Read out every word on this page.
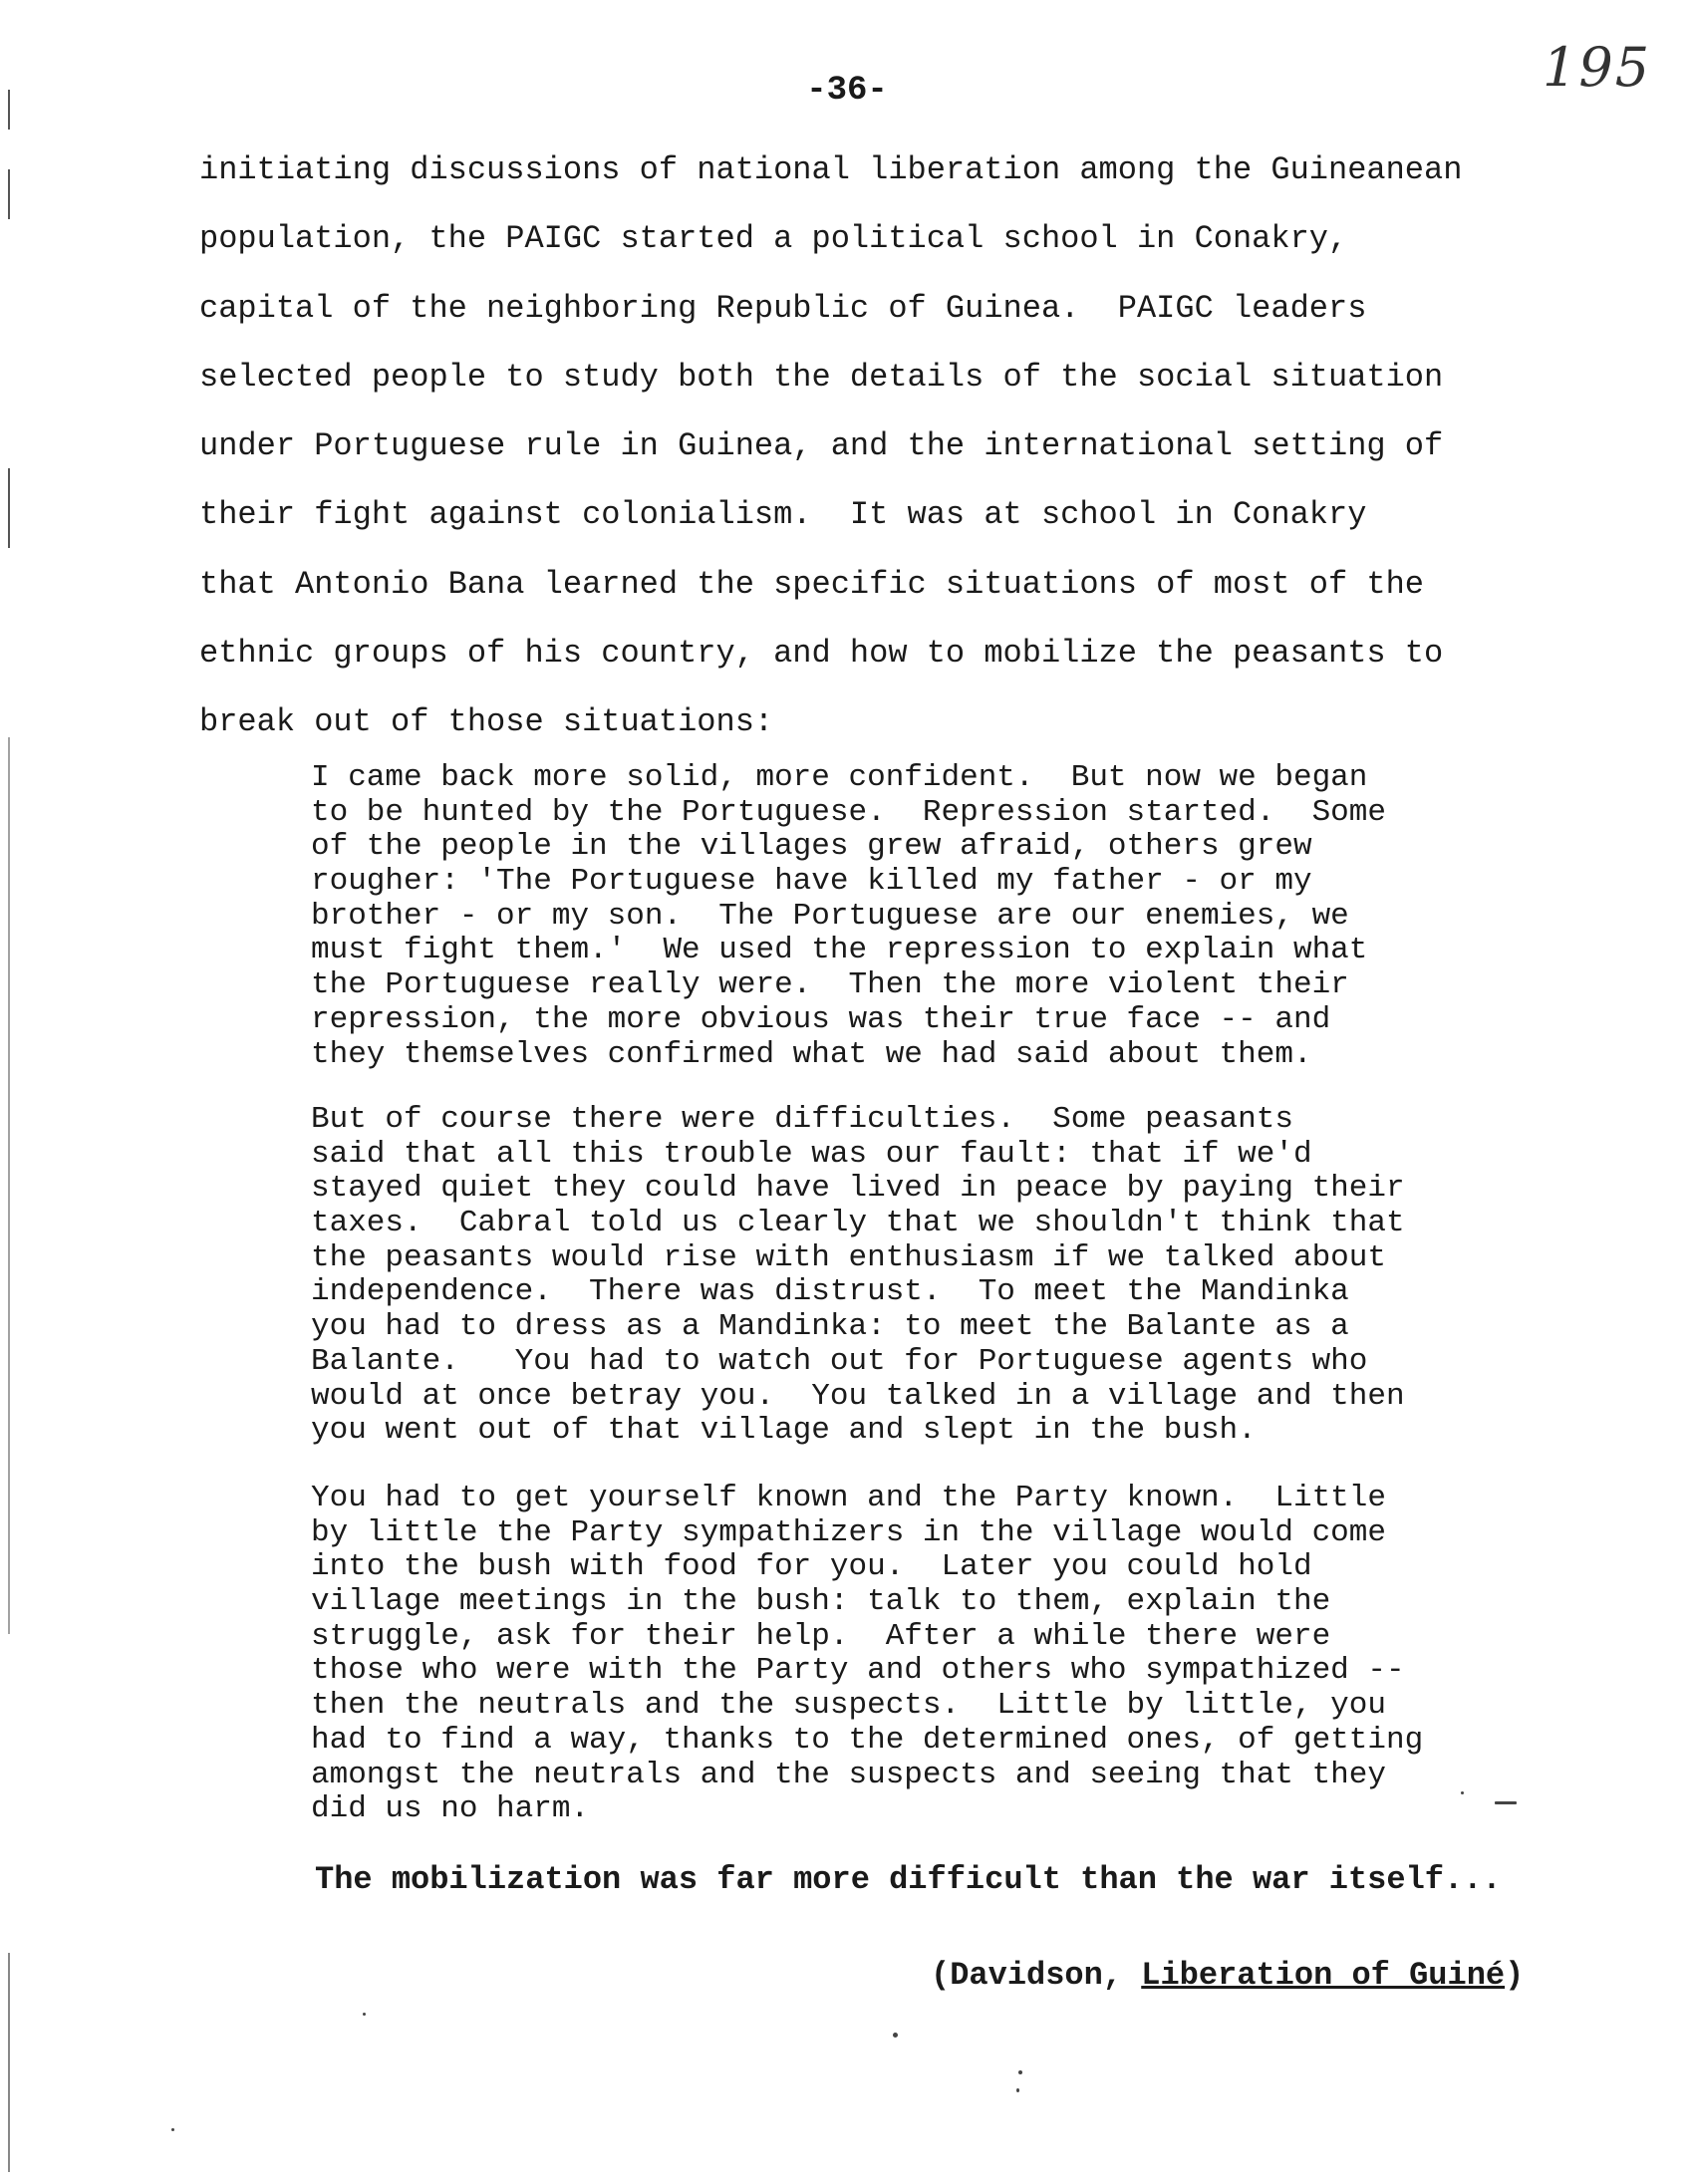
195
-36-
initiating discussions of national liberation among the Guineanean
population, the PAIGC started a political school in Conakry,
capital of the neighboring Republic of Guinea.  PAIGC leaders
selected people to study both the details of the social situation
under Portuguese rule in Guinea, and the international setting of
their fight against colonialism.  It was at school in Conakry
that Antonio Bana learned the specific situations of most of the
ethnic groups of his country, and how to mobilize the peasants to
break out of those situations:
I came back more solid, more confident.  But now we began
to be hunted by the Portuguese.  Repression started.  Some
of the people in the villages grew afraid, others grew
rougher: 'The Portuguese have killed my father - or my
brother - or my son.  The Portuguese are our enemies, we
must fight them.'  We used the repression to explain what
the Portuguese really were.  Then the more violent their
repression, the more obvious was their true face -- and
they themselves confirmed what we had said about them.
But of course there were difficulties.  Some peasants
said that all this trouble was our fault: that if we'd
stayed quiet they could have lived in peace by paying their
taxes.  Cabral told us clearly that we shouldn't think that
the peasants would rise with enthusiasm if we talked about
independence.  There was distrust.  To meet the Mandinka
you had to dress as a Mandinka: to meet the Balante as a
Balante.   You had to watch out for Portuguese agents who
would at once betray you.  You talked in a village and then
you went out of that village and slept in the bush.
You had to get yourself known and the Party known.  Little
by little the Party sympathizers in the village would come
into the bush with food for you.  Later you could hold
village meetings in the bush: talk to them, explain the
struggle, ask for their help.  After a while there were
those who were with the Party and others who sympathized --
then the neutrals and the suspects.  Little by little, you
had to find a way, thanks to the determined ones, of getting
amongst the neutrals and the suspects and seeing that they
did us no harm.
The mobilization was far more difficult than the war itself...
(Davidson, Liberation of Guiné)
